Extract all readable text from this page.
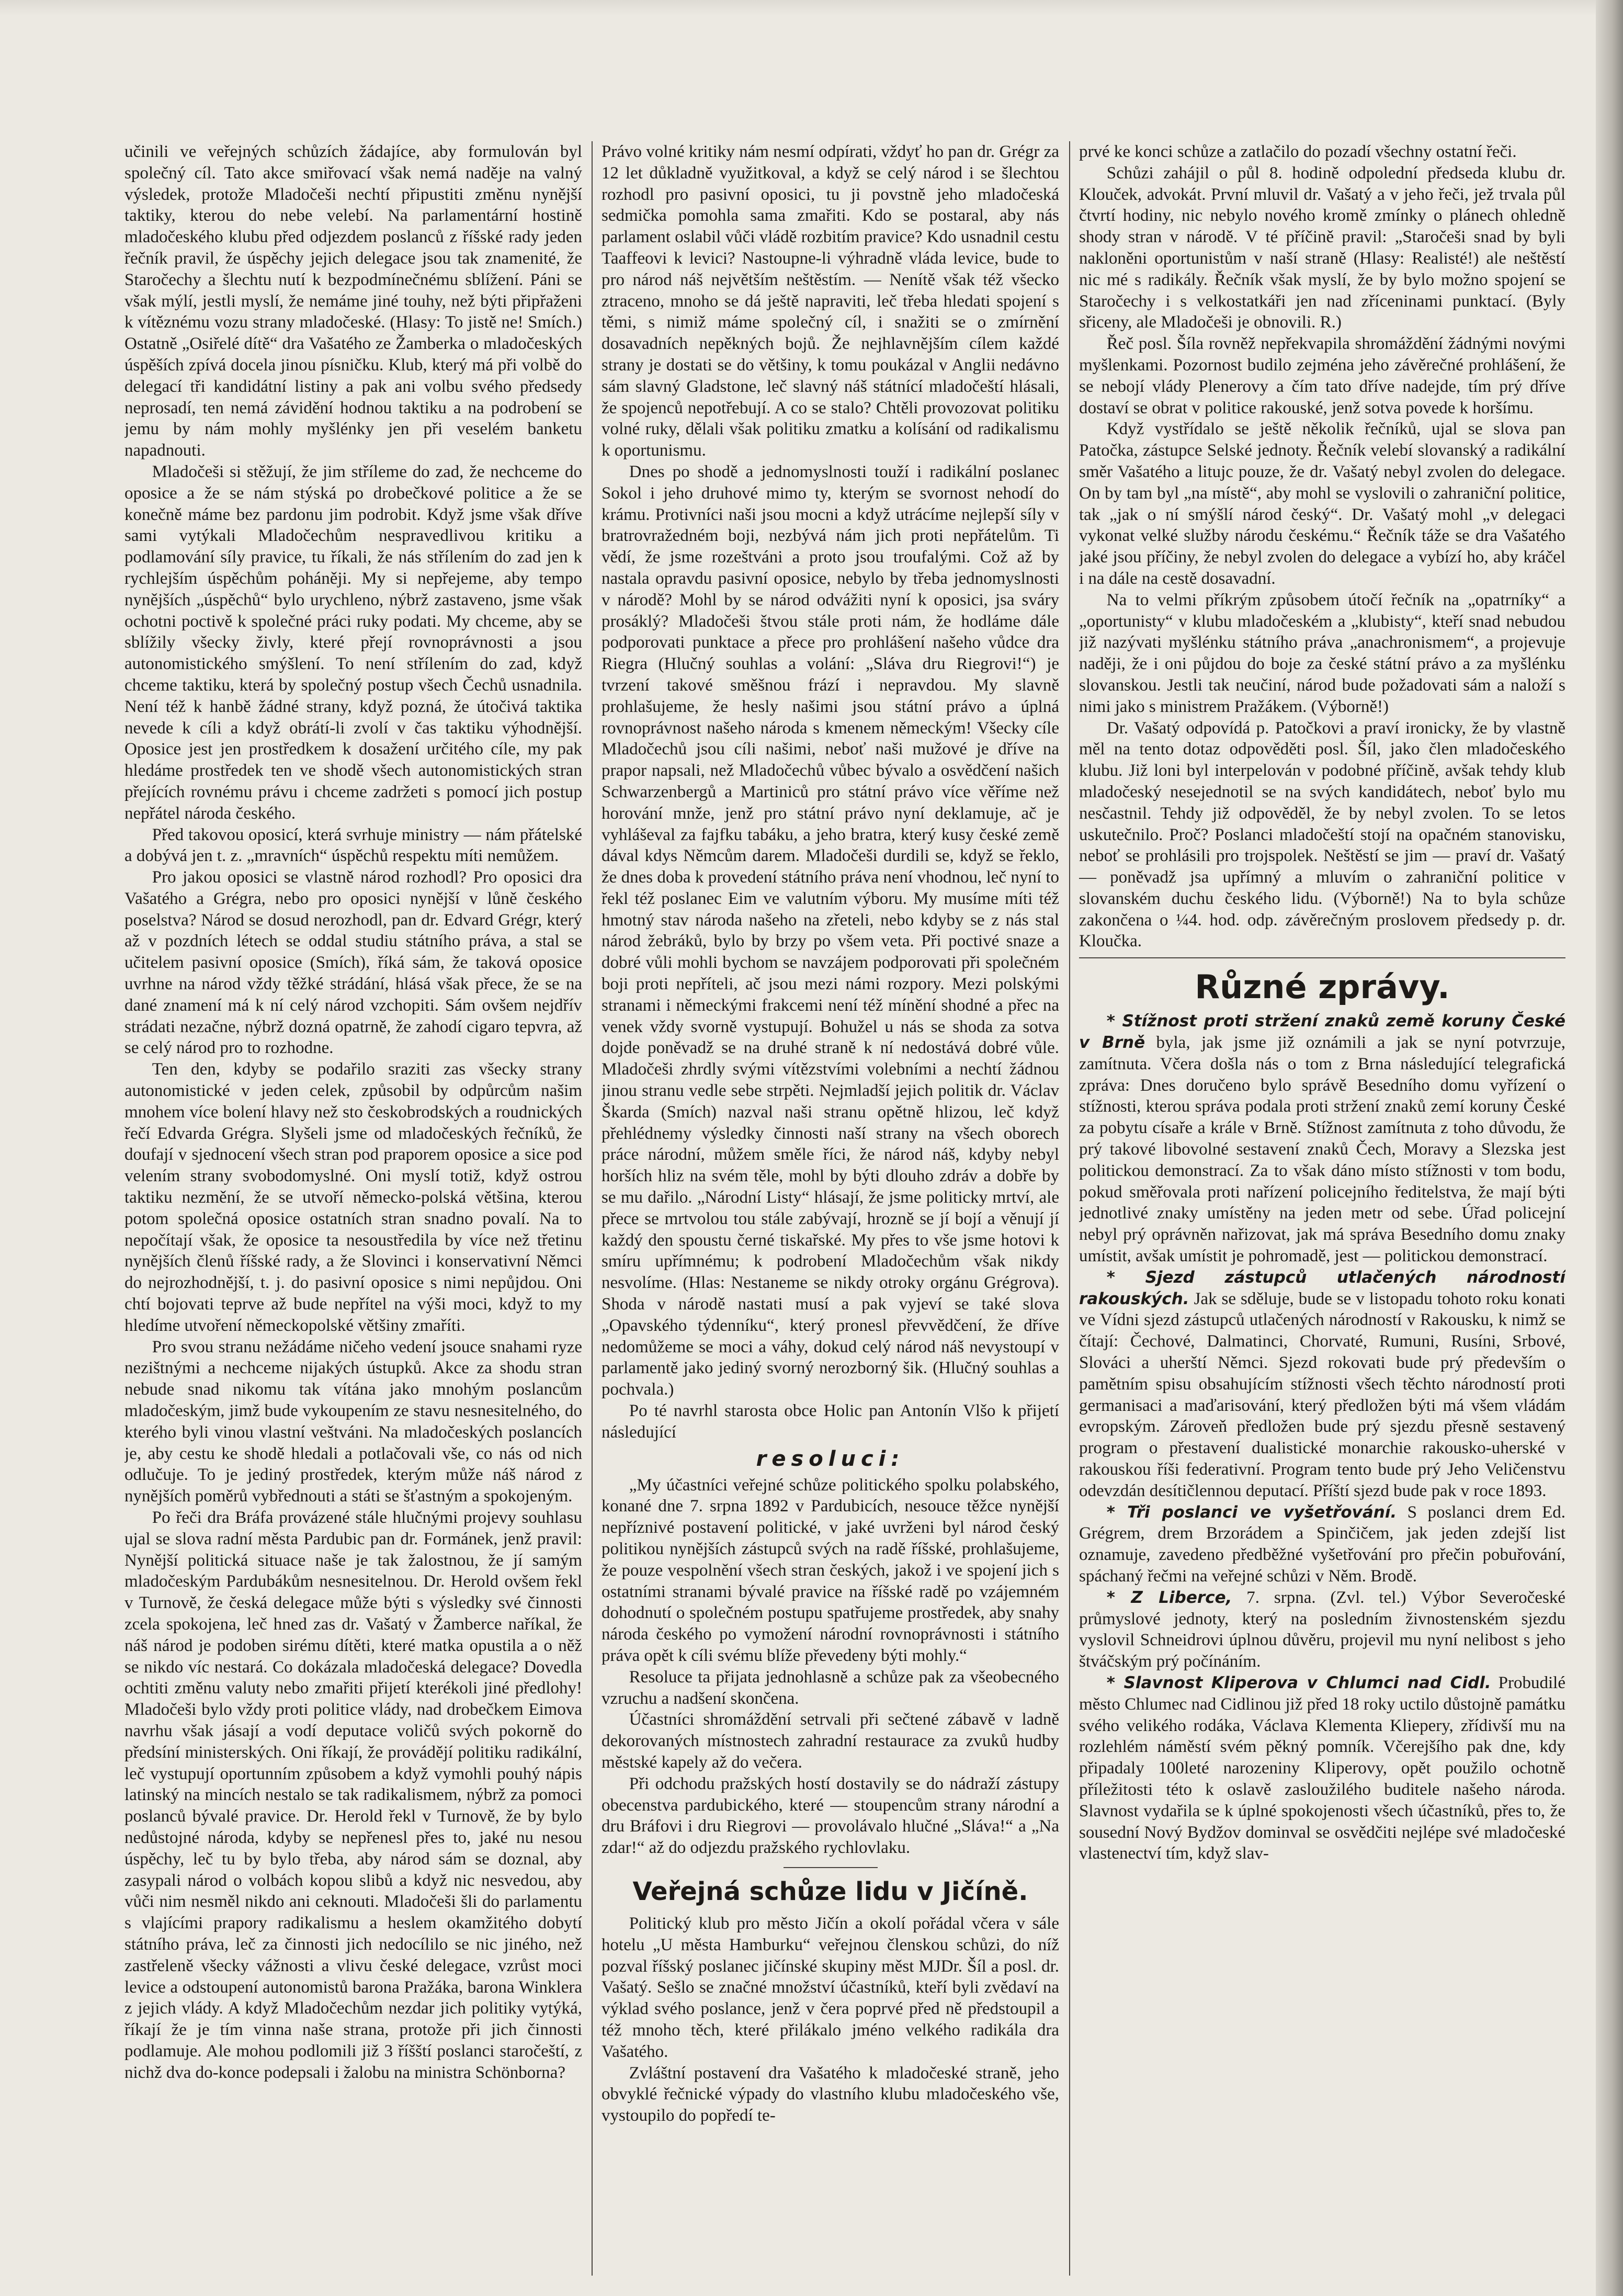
učinili ve veřejných schůzích žádajíce, aby formulován byl společný cíl. Tato akce smiřovací však nemá naděje na valný výsledek, protože Mladočeši nechtí připustiti změnu nynější taktiky, kterou do nebe velebí. Na parlamentární hostině mladočeského klubu před odjezdem poslanců z říšské rady jeden řečník pravil, že úspěchy jejich delegace jsou tak znamenité, že Staročechy a šlechtu nutí k bezpodmínečnému sblížení. Páni se však mýlí, jestli myslí, že nemáme jiné touhy, než býti připřaženi k vítěznému vozu strany mladočeské. (Hlasy: To jistě ne! Smích.) Ostatně „Osiřelé dítě“ dra Vašatého ze Žamberka o mladočeských úspěších zpívá docela jinou písničku. Klub, který má při volbě do delegací tři kandidátní listiny a pak ani volbu svého předsedy neprosadí, ten nemá závidění hodnou taktiku a na podrobení se jemu by nám mohly myšlénky jen při veselém banketu napadnouti.

Mladočeši si stěžují, že jim stříleme do zad, že nechceme do oposice a že se nám stýská po drobečkové politice a že se konečně máme bez pardonu jim podrobit. Když jsme však dříve sami vytýkali Mladočechům nespravedlivou kritiku a podlamování síly pravice, tu říkali, že nás střílením do zad jen k rychlejším úspěchům poháněji. My si nepřejeme, aby tempo nynějších „úspěchů“ bylo urychleno, nýbrž zastaveno, jsme však ochotni poctivě k společné práci ruky podati. My chceme, aby se sblížily všecky živly, které přejí rovnoprávnosti a jsou autonomistického smýšlení. To není střílením do zad, když chceme taktiku, která by společný postup všech Čechů usnadnila. Není též k hanbě žádné strany, když pozná, že útočivá taktika nevede k cíli a když obrátí-li zvolí v čas taktiku výhodnější. Oposice jest jen prostředkem k dosažení určitého cíle, my pak hledáme prostředek ten ve shodě všech autonomistických stran přejících rovnému právu i chceme zadržeti s pomocí jich postup nepřátel národa českého.

Před takovou oposicí, která svrhuje ministry — nám přátelské a dobývá jen t. z. „mravních“ úspěchů respektu míti nemůžem.

Pro jakou oposici se vlastně národ rozhodl? Pro oposici dra Vašatého a Grégra, nebo pro oposici nynější v lůně českého poselstva? Národ se dosud nerozhodl, pan dr. Edvard Grégr, který až v pozdních létech se oddal studiu státního práva, a stal se učitelem pasivní oposice (Smích), říká sám, že taková oposice uvrhne na národ vždy těžké strádání, hlásá však přece, že se na dané znamení má k ní celý národ vzchopiti. Sám ovšem nejdřív strádati nezačne, nýbrž dozná opatrně, že zahodí cigaro tepvra, až se celý národ pro to rozhodne.

Ten den, kdyby se podařilo sraziti zas všecky strany autonomistické v jeden celek, způsobil by odpůrcům našim mnohem více bolení hlavy než sto českobrodských a roudnických řečí Edvarda Grégra. Slyšeli jsme od mladočeských řečníků, že doufají v sjednocení všech stran pod praporem oposice a sice pod velením strany svobodomyslné. Oni myslí totiž, když ostrou taktiku nezmění, že se utvoří německo-polská většina, kterou potom společná oposice ostatních stran snadno povalí. Na to nepočítají však, že oposice ta nesoustředila by více než třetinu nynějších členů říšské rady, a že Slovinci i konservativní Němci do nejrozhodnější, t. j. do pasivní oposice s nimi nepůjdou. Oni chtí bojovati teprve až bude nepřítel na výši moci, když to my hledíme utvoření německopolské většiny zmaříti.

Pro svou stranu nežádáme ničeho vedení jsouce snahami ryze nezištnými a nechceme nijakých ústupků. Akce za shodu stran nebude snad nikomu tak vítána jako mnohým poslancům mladočeským, jimž bude vykoupením ze stavu nesnesitelného, do kterého byli vinou vlastní veštváni. Na mladočeských poslancích je, aby cestu ke shodě hledali a potlačovali vše, co nás od nich odlučuje. To je jediný prostředek, kterým může náš národ z nynějších poměrů vybřednouti a státi se šťastným a spokojeným.

Po řeči dra Bráfa provázené stále hlučnými projevy souhlasu ujal se slova radní města Pardubic pan dr. Formánek, jenž pravil: Nynější politická situace naše je tak žalostnou, že jí samým mladočeským Pardubákům nesnesitelnou. Dr. Herold ovšem řekl v Turnově, že česká delegace může býti s výsledky své činnosti zcela spokojena, leč hned zas dr. Vašatý v Žamberce naříkal, že náš národ je podoben sirému dítěti, které matka opustila a o něž se nikdo víc nestará. Co dokázala mladočeská delegace? Dovedla ochtiti změnu valuty nebo zmařiti přijetí kterékoli jiné předlohy! Mladočeši bylo vždy proti politice vlády, nad drobečkem Eimova navrhu však jásají a vodí deputace voličů svých pokorně do předsíní ministerských. Oni říkají, že provádějí politiku radikální, leč vystupují oportunním způsobem a když vymohli pouhý nápis latinský na mincích nestalo se tak radikalismem, nýbrž za pomoci poslanců bývalé pravice. Dr. Herold řekl v Turnově, že by bylo nedůstojné národa, kdyby se nepřenesl přes to, jaké nu nesou úspěchy, leč tu by bylo třeba, aby národ sám se doznal, aby zasypali národ o volbách kopou slibů a když nic nesvedou, aby vůči nim nesměl nikdo ani ceknouti. Mladočeši šli do parlamentu s vlajícími prapory radikalismu a heslem okamžitého dobytí státního práva, leč za činnosti jich nedocílilo se nic jiného, než zastřeleně všecky vážnosti a vlivu české delegace, vzrůst moci levice a odstoupení autonomistů barona Pražáka, barona Winklera z jejich vlády. A když Mladočechům nezdar jich politiky vytýká, říkají že je tím vinna naše strana, protože při jich činnosti podlamuje. Ale mohou podlomili již 3 říšští poslanci staročeští, z nichž dva do-konce podepsali i žalobu na ministra Schönborna?

Právo volné kritiky nám nesmí odpírati, vždyť ho pan dr. Grégr za 12 let důkladně využitkoval, a když se celý národ i se šlechtou rozhodl pro pasivní oposici, tu ji povstně jeho mladočeská sedmička pomohla sama zmařiti. Kdo se postaral, aby nás parlament oslabil vůči vládě rozbitím pravice? Kdo usnadnil cestu Taaffeovi k levici? Nastoupne-li výhradně vláda levice, bude to pro národ náš největším neštěstím. — Nenítě však též všecko ztraceno, mnoho se dá ještě napraviti, leč třeba hledati spojení s těmi, s nimiž máme společný cíl, i snažiti se o zmírnění dosavadních nepěkných bojů. Že nejhlavnějším cílem každé strany je dostati se do většiny, k tomu poukázal v Anglii nedávno sám slavný Gladstone, leč slavný náš státnící mladočeští hlásali, že spojenců nepotřebují. A co se stalo? Chtěli provozovat politiku volné ruky, dělali však politiku zmatku a kolísání od radikalismu k oportunismu.

Dnes po shodě a jednomyslnosti touží i radikální poslanec Sokol i jeho druhové mimo ty, kterým se svornost nehodí do krámu. Protivníci naši jsou mocni a když utrácíme nejlepší síly v bratrovražedném boji, nezbývá nám jich proti nepřátelům. Ti vědí, že jsme rozeštváni a proto jsou troufalými. Což až by nastala opravdu pasivní oposice, nebylo by třeba jednomyslnosti v národě? Mohl by se národ odvážiti nyní k oposici, jsa sváry prosáklý? Mladočeši štvou stále proti nám, že hodláme dále podporovati punktace a přece pro prohlášení našeho vůdce dra Riegra (Hlučný souhlas a volání: „Sláva dru Riegrovi!“) je tvrzení takové směšnou frází i nepravdou. My slavně prohlašujeme, že hesly našimi jsou státní právo a úplná rovnoprávnost našeho národa s kmenem německým! Všecky cíle Mladočechů jsou cíli našimi, neboť naši mužové je dříve na prapor napsali, než Mladočechů vůbec bývalo a osvědčení našich Schwarzenbergů a Martiniců pro státní právo více věříme než horování mnže, jenž pro státní právo nyní deklamuje, ač je vyhláševal za fajfku tabáku, a jeho bratra, který kusy české země dával kdys Němcům darem. Mladočeši durdili se, když se řeklo, že dnes doba k provedení státního práva není vhodnou, leč nyní to řekl též poslanec Eim ve valutním výboru. My musíme míti též hmotný stav národa našeho na zřeteli, nebo kdyby se z nás stal národ žebráků, bylo by brzy po všem veta. Při poctivé snaze a dobré vůli mohli bychom se navzájem podporovati při společném boji proti nepříteli, ač jsou mezi námi rozpory. Mezi polskými stranami i německými frakcemi není též mínění shodné a přec na venek vždy svorně vystupují. Bohužel u nás se shoda za sotva dojde poněvadž se na druhé straně k ní nedostává dobré vůle. Mladočeši zhrdly svými vítězstvími volebními a nechtí žádnou jinou stranu vedle sebe strpěti. Nejmladší jejich politik dr. Václav Škarda (Smích) nazval naši stranu opětně hlizou, leč když přehlédnemy výsledky činnosti naší strany na všech oborech práce národní, můžem směle říci, že národ náš, kdyby nebyl horších hliz na svém těle, mohl by býti dlouho zdráv a dobře by se mu dařilo. „Národní Listy“ hlásají, že jsme politicky mrtví, ale přece se mrtvolou tou stále zabývají, hrozně se jí bojí a věnují jí každý den spoustu černé tiskařské. My přes to vše jsme hotovi k smíru upřímnému; k podrobení Mladočechům však nikdy nesvolíme. (Hlas: Nestaneme se nikdy otroky orgánu Grégrova). Shoda v národě nastati musí a pak vyjeví se také slova „Opavského týdenníku“, který pronesl převvědčení, že dříve nedomůžeme se moci a váhy, dokud celý národ náš nevystoupí v parlamentě jako jediný svorný nerozborný šik. (Hlučný souhlas a pochvala.)

Po té navrhl starosta obce Holic pan Antonín Vlšo k přijetí následující

resoluci:

„My účastníci veřejné schůze politického spolku polabského, konané dne 7. srpna 1892 v Pardubicích, nesouce těžce nynější nepříznivé postavení politické, v jaké uvrženi byl národ český politikou nynějších zástupců svých na radě říšské, prohlašujeme, že pouze vespolnění všech stran českých, jakož i ve spojení jich s ostatními stranami bývalé pravice na říšské radě po vzájemném dohodnutí o společném postupu spatřujeme prostředek, aby snahy národa českého po vymožení národní rovnoprávnosti i státního práva opět k cíli svému blíže převedeny býti mohly.“

Resoluce ta přijata jednohlasně a schůze pak za všeobecného vzruchu a nadšení skončena.

Účastníci shromáždění setrvali při sečtené zábavě v ladně dekorovaných místnostech zahradní restaurace za zvuků hudby městské kapely až do večera.

Při odchodu pražských hostí dostavily se do nádraží zástupy obecenstva pardubického, které — stoupencům strany národní a dru Bráfovi i dru Riegrovi — provolávalo hlučné „Sláva!“ a „Na zdar!“ až do odjezdu pražského rychlovlaku.

Veřejná schůze lidu v Jičíně.

Politický klub pro město Jičín a okolí pořádal včera v sále hotelu „U města Hamburku“ veřejnou členskou schůzi, do níž pozval říšský poslanec jičínské skupiny měst MJDr. Šíl a posl. dr. Vašatý. Sešlo se značné množství účastníků, kteří byli zvědaví na výklad svého poslance, jenž v čera poprvé před ně předstoupil a též mnoho těch, které přilákalo jméno velkého radikála dra Vašatého.

Zvláštní postavení dra Vašatého k mladočeské straně, jeho obvyklé řečnické výpady do vlastního klubu mladočeského vše, vystoupilo do popředí te-

prvé ke konci schůze a zatlačilo do pozadí všechny ostatní řeči.

Schůzi zahájil o půl 8. hodině odpolední předseda klubu dr. Klouček, advokát. První mluvil dr. Vašatý a v jeho řeči, jež trvala půl čtvrtí hodiny, nic nebylo nového kromě zmínky o plánech ohledně shody stran v národě. V té příčině pravil: „Staročeši snad by byli nakloněni oportunistům v naší straně (Hlasy: Realisté!) ale neštěstí nic mé s radikály. Řečník však myslí, že by bylo možno spojení se Staročechy i s velkostatkáři jen nad zříceninami punktací. (Byly sřiceny, ale Mladočeši je obnovili. R.)

Řeč posl. Šíla rovněž nepřekvapila shromáždění žádnými novými myšlenkami. Pozornost budilo zejména jeho závěrečné prohlášení, že se nebojí vlády Plenerovy a čím tato dříve nadejde, tím prý dříve dostaví se obrat v politice rakouské, jenž sotva povede k horšímu.

Když vystřídalo se ještě několik řečníků, ujal se slova pan Patočka, zástupce Selské jednoty. Řečník velebí slovanský a radikální směr Vašatého a litujc pouze, že dr. Vašatý nebyl zvolen do delegace. On by tam byl „na místě“, aby mohl se vyslovili o zahraniční politice, tak „jak o ní smýšlí národ český“. Dr. Vašatý mohl „v delegaci vykonat velké služby národu českému.“ Řečník táže se dra Vašatého jaké jsou příčiny, že nebyl zvolen do delegace a vybízí ho, aby kráčel i na dále na cestě dosavadní.

Na to velmi příkrým způsobem útočí řečník na „opatrníky“ a „oportunisty“ v klubu mladočeském a „klubisty“, kteří snad nebudou již nazývati myšlénku státního práva „anachronismem“, a projevuje naději, že i oni půjdou do boje za české státní právo a za myšlénku slovanskou. Jestli tak neučiní, národ bude požadovati sám a naloží s nimi jako s ministrem Pražákem. (Výborně!)

Dr. Vašatý odpovídá p. Patočkovi a praví ironicky, že by vlastně měl na tento dotaz odpověděti posl. Šíl, jako člen mladočeského klubu. Již loni byl interpelován v podobné příčině, avšak tehdy klub mladočeský nesejednotil se na svých kandidátech, neboť bylo mu nesčastnil. Tehdy již odpověděl, že by nebyl zvolen. To se letos uskutečnilo. Proč? Poslanci mladočeští stojí na opačném stanovisku, neboť se prohlásili pro trojspolek. Neštěstí se jim — praví dr. Vašatý — poněvadž jsa upřímný a mluvím o zahraniční politice v slovanském duchu českého lidu. (Výborně!) Na to byla schůze zakončena o ¼4. hod. odp. závěrečným proslovem předsedy p. dr. Kloučka.

Různé zprávy.

* Stížnost proti stržení znaků země koruny České v Brně byla, jak jsme již oznámili a jak se nyní potvrzuje, zamítnuta. Včera došla nás o tom z Brna následující telegrafická zpráva: Dnes doručeno bylo správě Besedního domu vyřízení o stížnosti, kterou správa podala proti stržení znaků zemí koruny České za pobytu císaře a krále v Brně. Stížnost zamítnuta z toho důvodu, že prý takové libovolné sestavení znaků Čech, Moravy a Slezska jest politickou demonstrací. Za to však dáno místo stížnosti v tom bodu, pokud směřovala proti nařízení policejního ředitelstva, že mají býti jednotlivé znaky umístěny na jeden metr od sebe. Úřad policejní nebyl prý oprávněn nařizovat, jak má správa Besedního domu znaky umístit, avšak umístit je pohromadě, jest — politickou demonstrací.

* Sjezd zástupců utlačených národností rakouských. Jak se sděluje, bude se v listopadu tohoto roku konati ve Vídni sjezd zástupců utlačených národností v Rakousku, k nimž se čítají: Čechové, Dalmatinci, Chorvaté, Rumuni, Rusíni, Srbové, Slováci a uherští Němci. Sjezd rokovati bude prý především o pamětním spisu obsahujícím stížnosti všech těchto národností proti germanisaci a maďarisování, který předložen býti má všem vládám evropským. Zároveň předložen bude prý sjezdu přesně sestavený program o přestavení dualistické monarchie rakousko-uherské v rakouskou říši federativní. Program tento bude prý Jeho Veličenstvu odevzdán desítičlennou deputací. Příští sjezd bude pak v roce 1893.

* Tři poslanci ve vyšetřování. S poslanci drem Ed. Grégrem, drem Brzorádem a Spinčičem, jak jeden zdejší list oznamuje, zavedeno předběžné vyšetřování pro přečin pobuřování, spáchaný řečmi na veřejné schůzi v Něm. Brodě.

* Z Liberce, 7. srpna. (Zvl. tel.) Výbor Severočeské průmyslové jednoty, který na posledním živnostenském sjezdu vyslovil Schneidrovi úplnou důvěru, projevil mu nyní nelibost s jeho štváčským prý počínáním.

* Slavnost Kliperova v Chlumci nad Cidl. Probudilé město Chlumec nad Cidlinou již před 18 roky uctilo důstojně památku svého velikého rodáka, Václava Klementa Kliepery, zřídivší mu na rozlehlém náměstí svém pěkný pomník. Včerejšího pak dne, kdy připadaly 100leté narozeniny Kliperovy, opět použilo ochotně příležitosti této k oslavě zasloužilého buditele našeho národa. Slavnost vydařila se k úplné spokojenosti všech účastníků, přes to, že sousední Nový Bydžov dominval se osvědčiti nejlépe své mladočeské vlastenectví tím, když slav-
